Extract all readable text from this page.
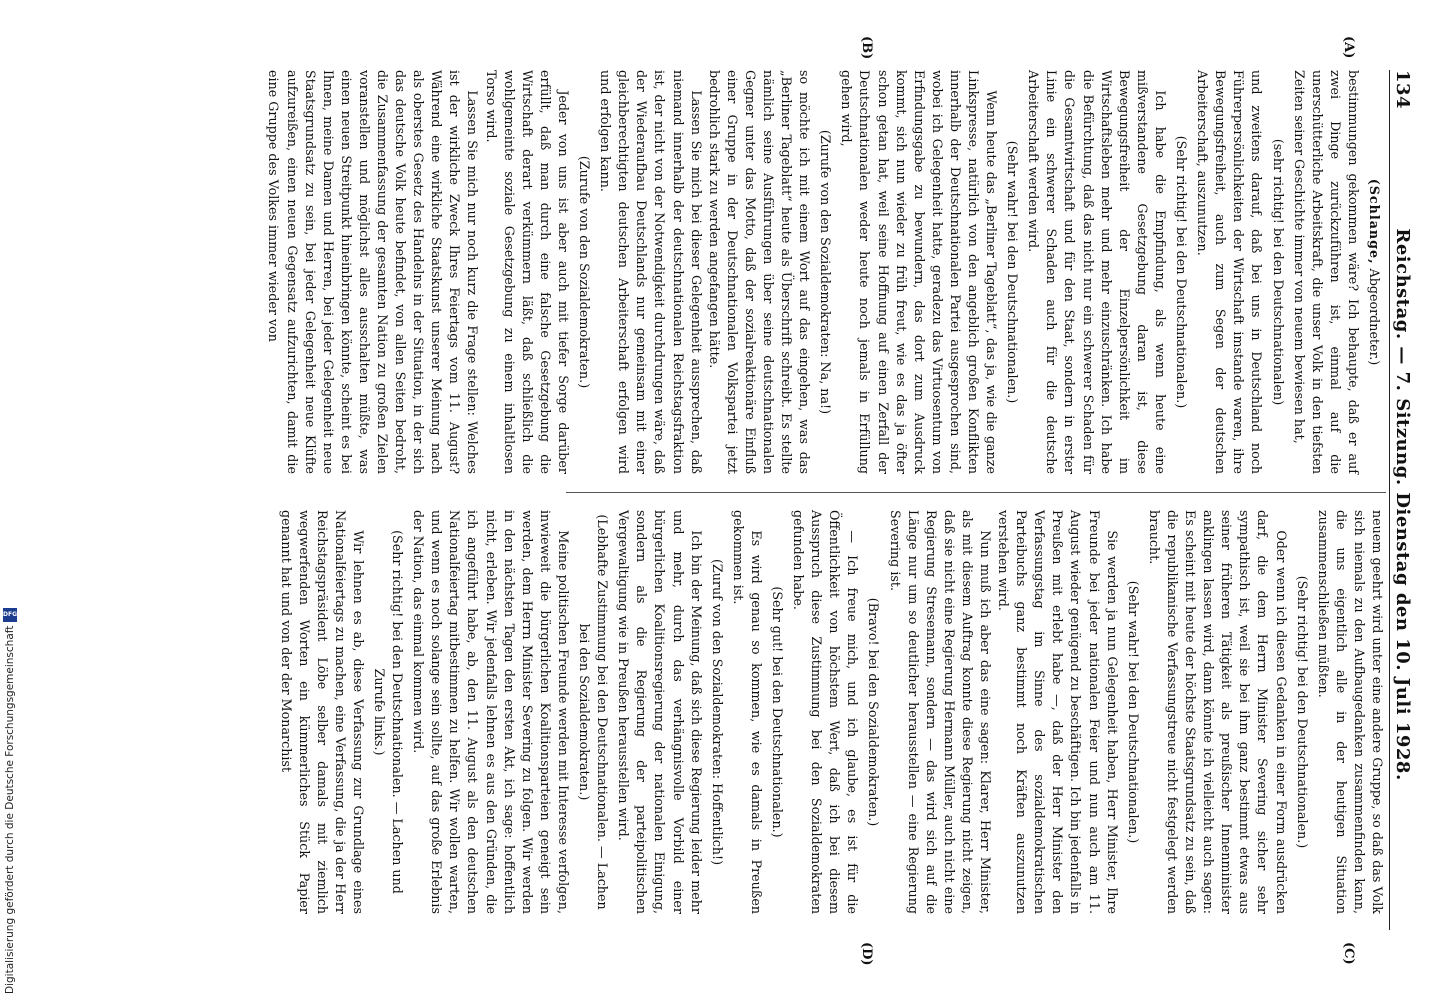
134
Reichstag. — 7. Sitzung. Dienstag den 10. Juli 1928.

(Schlange, Abgeordneter.)

bestimmungen gekommen wäre? Ich behaupte, daß er auf zwei Dinge zurückzuführen ist, einmal auf die unerschütterliche Arbeitskraft, die unser Volk in den tiefsten Zeiten seiner Geschichte immer von neuem bewiesen hat,

(sehr richtig! bei den Deutschnationalen)

und zweitens darauf, daß bei uns in Deutschland noch Führerpersönlichkeiten der Wirtschaft imstande waren, ihre Bewegungsfreiheit, auch zum Segen der deutschen Arbeiterschaft, auszunutzen.

(Sehr richtig! bei den Deutschnationalen.)

Ich habe die Empfindung, als wenn heute eine mißverstandene Gesetzgebung daran ist, diese Bewegungsfreiheit der Einzelpersönlichkeit im Wirtschaftsleben mehr und mehr einzuschränken. Ich habe die Befürchtung, daß das nicht nur ein schwerer Schaden für die Gesamtwirtschaft und für den Staat, sondern in erster Linie ein schwerer Schaden auch für die deutsche Arbeiterschaft werden wird.

(Sehr wahr! bei den Deutschnationalen.)

Wenn heute das „Berliner Tageblatt“, das ja, wie die ganze Linkspresse, natürlich von den angeblich großen Konflikten innerhalb der Deutschnationalen Partei ausgesprochen sind, wobei ich Gelegenheit hatte, geradezu das Virtuosentum von Erfindungsgabe zu bewundern, das dort zum Ausdruck kommt, sich nun wieder zu früh freut, wie es das ja öfter schon getan hat, weil seine Hoffnung auf einen Zerfall der Deutschnationalen weder heute noch jemals in Erfüllung gehen wird,

(Zurufe von den Sozialdemokraten: Na, na!)

so möchte ich mit einem Wort auf das eingehen, was das „Berliner Tageblatt“ heute als Überschrift schreibt. Es stellte nämlich seine Ausführungen über seine deutschnationalen Gegner unter das Motto, daß der sozialreaktionäre Einfluß einer Gruppe in der Deutschnationalen Volkspartei jetzt bedrohlich stark zu werden angefangen hätte.

Lassen Sie mich bei dieser Gelegenheit aussprechen, daß niemand innerhalb der deutschnationalen Reichstagsfraktion ist, der nicht von der Notwendigkeit durchdrungen wäre, daß der Wiederaufbau Deutschlands nur gemeinsam mit einer gleichberechtigten deutschen Arbeiterschaft erfolgen wird und erfolgen kann.

(Zurufe von den Sozialdemokraten.)

Jeder von uns ist aber auch mit tiefer Sorge darüber erfüllt, daß man durch eine falsche Gesetzgebung die Wirtschaft derart verkümmern läßt, daß schließlich die wohlgemeinte soziale Gesetzgebung zu einem inhaltlosen Torso wird.

Lassen Sie mich nur noch kurz die Frage stellen: Welches ist der wirkliche Zweck Ihres Feiertags vom 11. August? Während eine wirkliche Staatskunst unserer Meinung nach als oberstes Gesetz des Handelns in der Situation, in der sich das deutsche Volk heute befindet, von allen Seiten bedroht, die Zusammenfassung der gesamten Nation zu großen Zielen voranstellen und möglichst alles ausschalten müßte, was einen neuen Streitpunkt hineinbringen könnte, scheint es bei Ihnen, meine Damen und Herren, bei jeder Gelegenheit neue Staatsgrundsatz zu sein, bei jeder Gelegenheit neue Klüfte aufzureißen, einen neuen Gegensatz aufzurichten, damit die eine Gruppe des Volkes immer wieder von

neuem geehrt wird unter eine andere Gruppe, so daß das Volk sich niemals zu den Aufbaugedanken zusammenfinden kann, die uns eigentlich alle in der heutigen Situation zusammenschließen müßten.

(Sehr richtig! bei den Deutschnationalen.)

Oder wenn ich diesen Gedanken in einer Form ausdrücken darf, die dem Herrn Minister Severing sicher sehr sympathisch ist, weil sie bei ihm ganz bestimmt etwas aus seiner früheren Tätigkeit als preußischer Innenminister anklingen lassen wird, dann könnte ich vielleicht auch sagen: Es scheint mit heute der höchste Staatsgrundsatz zu sein, daß die republikanische Verfassungstreue nicht festgelegt werden braucht.

(Sehr wahr! bei den Deutschnationalen.)

Sie werden ja nun Gelegenheit haben, Herr Minister, Ihre Freunde bei jeder nationalen Feier und nun auch am 11. August wieder genügend zu beschäftigen. Ich bin jedenfalls in Preußen mit erlebt habe —, daß der Herr Minister den Verfassungstag im Sinne des sozialdemokratischen Parteibuchs ganz bestimmt noch Kräften auszunutzen verstehen wird.

Nun muß ich aber das eine sagen: Klarer, Herr Minister, als mit diesem Auftrag konnte diese Regierung nicht zeigen, daß sie nicht eine Regierung Hermann Müller, auch nicht eine Regierung Stresemann, sondern — das wird sich auf die Länge nur um so deutlicher herausstellen — eine Regierung Severing ist.

(Bravo! bei den Sozialdemokraten.)

— Ich freue mich, und ich glaube, es ist für die Öffentlichkeit von höchstem Wert, daß ich bei diesem Ausspruch diese Zustimmung bei den Sozialdemokraten gefunden habe.

(Sehr gut! bei den Deutschnationalen.)

Es wird genau so kommen, wie es damals in Preußen gekommen ist.

(Zuruf von den Sozialdemokraten: Hoffentlich!)

Ich bin der Meinung, daß sich diese Regierung leider mehr und mehr, durch das verhängnisvolle Vorbild einer bürgerlichen Koalitionsregierung der nationalen Einigung, sondern als die Regierung der parteipolitischen Vergewaltigung wie in Preußen herausstellen wird.

(Lebhafte Zustimmung bei den Deutschnationalen. — Lachen bei den Sozialdemokraten.)

Meine politischen Freunde werden mit Interesse verfolgen, inwieweit die bürgerlichen Koalitionsparteien geneigt sein werden, dem Herrn Minister Severing zu folgen. Wir werden in den nächsten Tagen den ersten Akt, ich sage: hoffentlich nicht, erleben. Wir jedenfalls lehnen es aus den Gründen, die ich angeführt habe, ab, den 11. August als den deutschen Nationalfeiertag mitbestimmen zu helfen. Wir wollen warten, und wenn es noch solange sein sollte, auf das große Erlebnis der Nation, das einmal kommen wird.

(Sehr richtig! bei den Deutschnationalen. — Lachen und Zurufe links.)

Wir lehnen es ab, diese Verfassung zur Grundlage eines Nationalfeiertags zu machen, eine Verfassung, die ja der Herr Reichstagspräsident Löbe selber damals mit ziemlich wegwerfenden Worten ein kümmerliches Stück Papier genannt hat und von der der Monarchist

(A)
(B)
(C)
(D)
Digitalisierung gefördert durch die Deutsche Forschungsgemeinschaft
DFG
